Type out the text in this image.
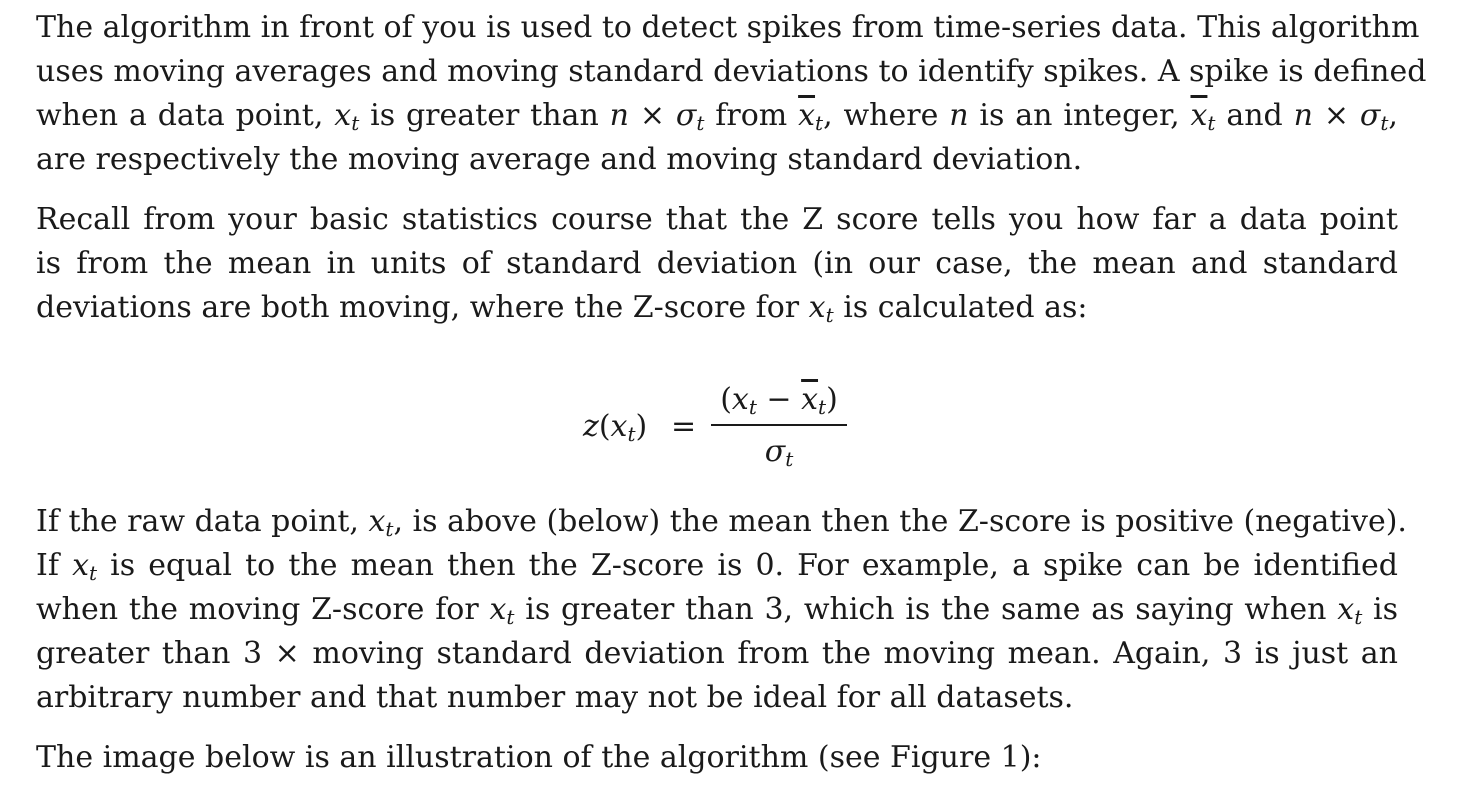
The algorithm in front of you is used to detect spikes from time-series data. This algorithm
uses moving averages and moving standard deviations to identify spikes. A spike is defined
when a data point, $x_t$ is greater than $n \times \sigma_t$ from $\overline{x}_t$, where n is an integer, $\overline{x}_t$ and $n \times \sigma_t$,
are respectively the moving average and moving standard deviation.

Recall from your basic statistics course that the Z score tells you how far a data point
is from the mean in units of standard deviation (in our case, the mean and standard
deviations are both moving, where the Z-score for $x_t$ is calculated as:

$z(x_t)$ =
$(x_t - \overline{x}_t)$
$\sigma_t$

If the raw data point, $x_t$, is above (below) the mean then the Z-score is positive (negative).
If $x_t$ is equal to the mean then the Z-score is 0. For example, a spike can be identified
when the moving Z-score for $x_t$ is greater than 3, which is the same as saying when $x_t$ is
greater than 3 × moving standard deviation from the moving mean. Again, 3 is just an
arbitrary number and that number may not be ideal for all datasets.

The image below is an illustration of the algorithm (see Figure 1):
